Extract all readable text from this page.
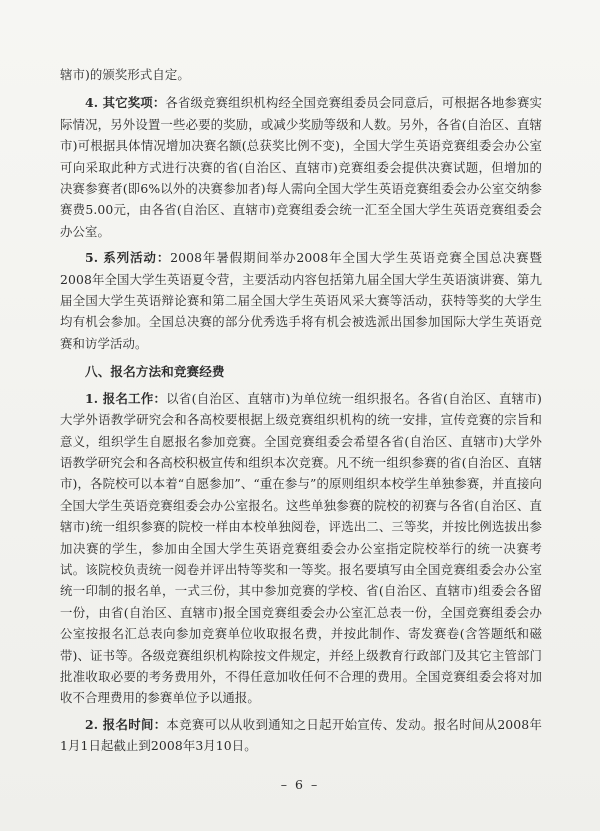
辖市)的颁奖形式自定。

4. 其它奖项：各省级竞赛组织机构经全国竞赛组委员会同意后，可根据各地参赛实际情况，另外设置一些必要的奖励，或减少奖励等级和人数。另外，各省(自治区、直辖市)可根据具体情况增加决赛名额(总获奖比例不变)，全国大学生英语竞赛组委会办公室可向采取此种方式进行决赛的省(自治区、直辖市)竞赛组委会提供决赛试题，但增加的决赛参赛者(即6%以外的决赛参加者)每人需向全国大学生英语竞赛组委会办公室交纳参赛费5.00元，由各省(自治区、直辖市)竞赛组委会统一汇至全国大学生英语竞赛组委会办公室。

5. 系列活动：2008年暑假期间举办2008年全国大学生英语竞赛全国总决赛暨2008年全国大学生英语夏令营，主要活动内容包括第九届全国大学生英语演讲赛、第九届全国大学生英语辩论赛和第二届全国大学生英语风采大赛等活动，获特等奖的大学生均有机会参加。全国总决赛的部分优秀选手将有机会被选派出国参加国际大学生英语竞赛和访学活动。

八、报名方法和竞赛经费

1. 报名工作：以省(自治区、直辖市)为单位统一组织报名。各省(自治区、直辖市)大学外语教学研究会和各高校要根据上级竞赛组织机构的统一安排，宣传竞赛的宗旨和意义，组织学生自愿报名参加竞赛。全国竞赛组委会希望各省(自治区、直辖市)大学外语教学研究会和各高校积极宣传和组织本次竞赛。凡不统一组织参赛的省(自治区、直辖市)，各院校可以本着“自愿参加”、“重在参与”的原则组织本校学生单独参赛，并直接向全国大学生英语竞赛组委会办公室报名。这些单独参赛的院校的初赛与各省(自治区、直辖市)统一组织参赛的院校一样由本校单独阅卷，评选出二、三等奖，并按比例选拔出参加决赛的学生，参加由全国大学生英语竞赛组委会办公室指定院校举行的统一决赛考试。该院校负责统一阅卷并评出特等奖和一等奖。报名要填写由全国竞赛组委会办公室统一印制的报名单，一式三份，其中参加竞赛的学校、省(自治区、直辖市)组委会各留一份，由省(自治区、直辖市)报全国竞赛组委会办公室汇总表一份，全国竞赛组委会办公室按报名汇总表向参加竞赛单位收取报名费，并按此制作、寄发赛卷(含答题纸和磁带)、证书等。各级竞赛组织机构除按文件规定，并经上级教育行政部门及其它主管部门批准收取必要的考务费用外，不得任意加收任何不合理的费用。全国竞赛组委会将对加收不合理费用的参赛单位予以通报。

2. 报名时间：本竞赛可以从收到通知之日起开始宣传、发动。报名时间从2008年1月1日起截止到2008年3月10日。

– 6 –
